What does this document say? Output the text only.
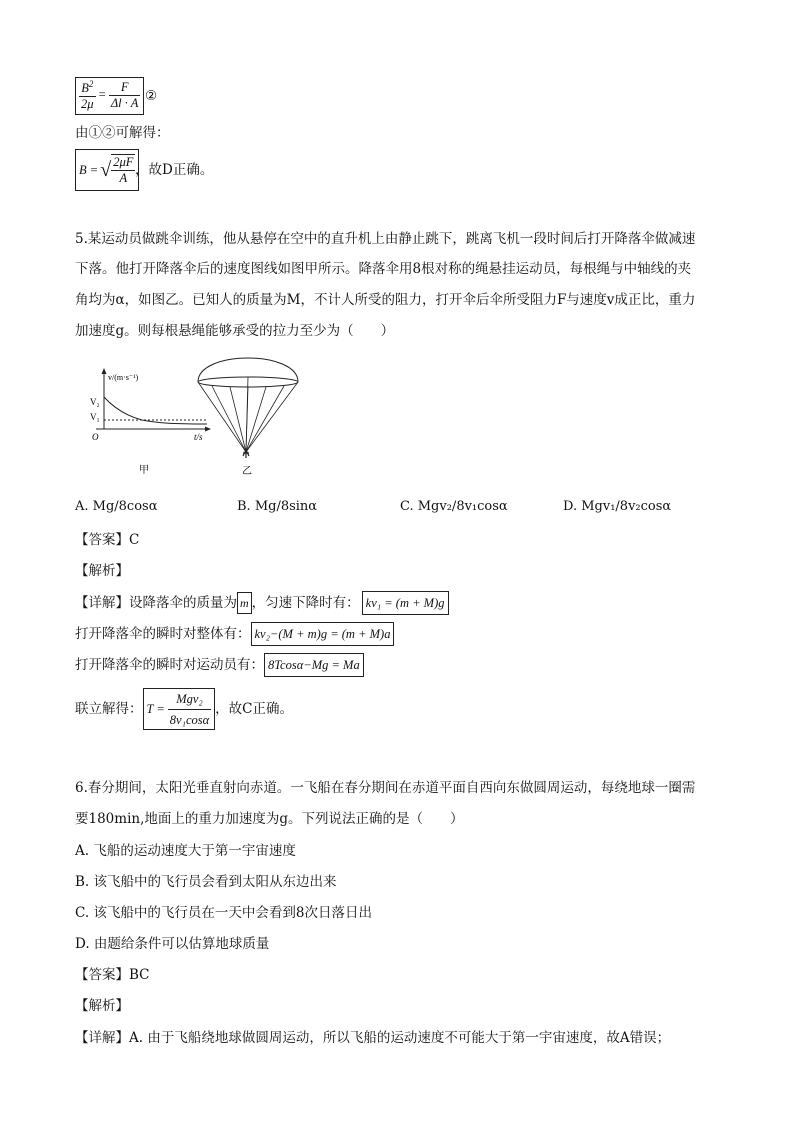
$\frac{B^2}{2\mu} = \frac{F}{\Delta l \cdot A}$ ②
由①②可解得：
B = √ $\frac{2\mu F}{A}$ ，故D正确。
5.某运动员做跳伞训练，他从悬停在空中的直升机上由静止跳下，跳离飞机一段时间后打开降落伞做减速
下落。他打开降落伞后的速度图线如图甲所示。降落伞用8根对称的绳悬挂运动员，每根绳与中轴线的夹
角均为α，如图乙。已知人的质量为M，不计人所受的阻力，打开伞后伞所受阻力F与速度v成正比，重力
加速度g。则每根悬绳能够承受的拉力至少为（　　）
v/(m·s⁻¹)
V₂
V₁
O	t/s
甲	乙
A. Mg/8cosα	B. Mg/8sinα	C. Mgv₂/8v₁cosα	D. Mgv₁/8v₂cosα
【答案】C
【解析】
【详解】设降落伞的质量为 m ，匀速下降时有： kv₁ = (m + M)g
打开降落伞的瞬时对整体有： kv₂−(M + m)g = (m + M)a
打开降落伞的瞬时对运动员有： 8Tcosα−Mg = Ma
联立解得： $T = \frac{\text{Mgv₂}}{\text{8v₁cosα}}$ ，故C正确。
6.春分期间，太阳光垂直射向赤道。一飞船在春分期间在赤道平面自西向东做圆周运动，每绕地球一圈需
要180min,地面上的重力加速度为g。下列说法正确的是（　　）
A. 飞船的运动速度大于第一宇宙速度
B. 该飞船中的飞行员会看到太阳从东边出来
C. 该飞船中的飞行员在一天中会看到8次日落日出
D. 由题给条件可以估算地球质量
【答案】BC
【解析】
【详解】A. 由于飞船绕地球做圆周运动，所以飞船的运动速度不可能大于第一宇宙速度，故A错误；
